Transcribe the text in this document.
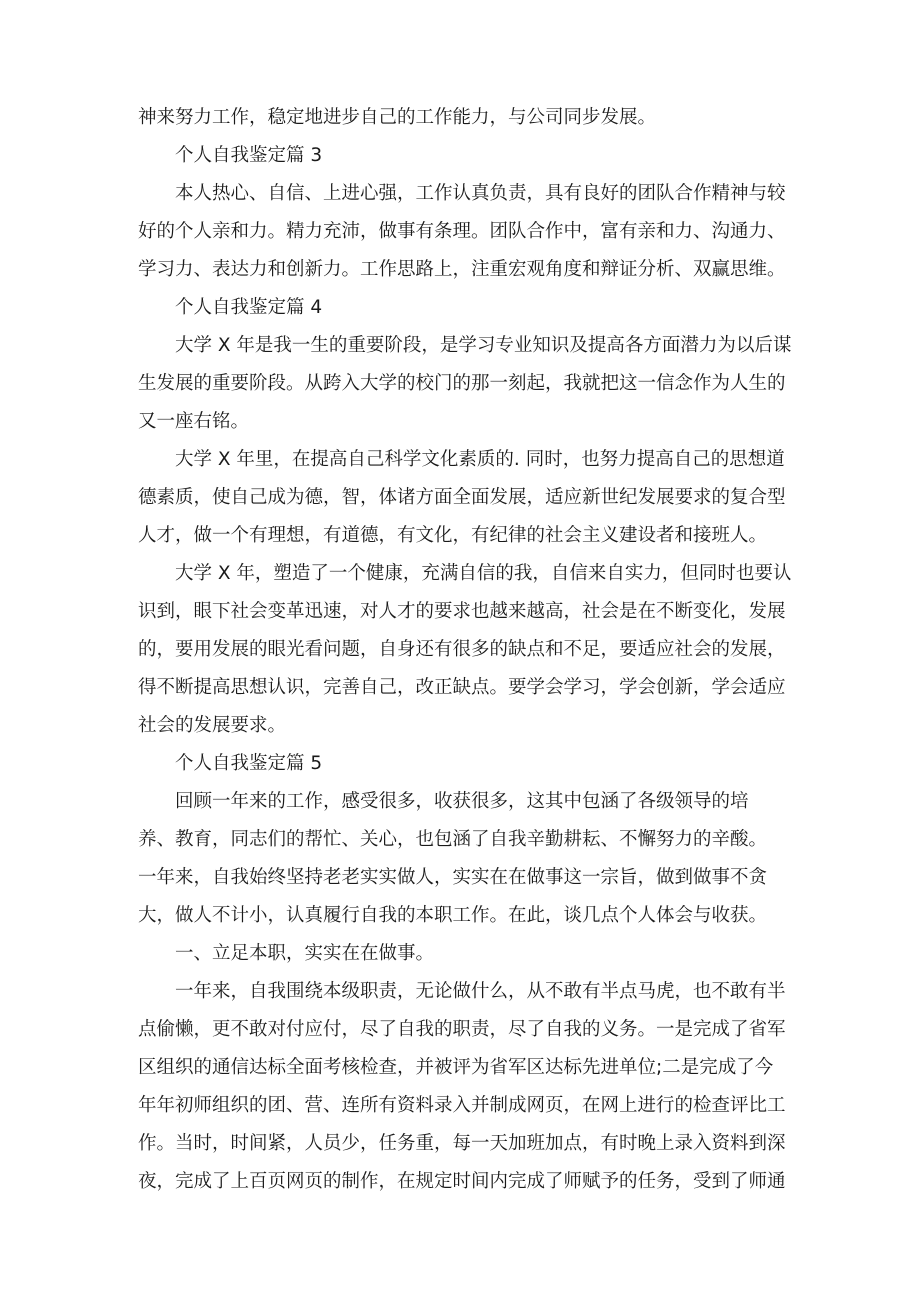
神来努力工作，稳定地进步自己的工作能力，与公司同步发展。
个人自我鉴定篇 3
本人热心、自信、上进心强，工作认真负责，具有良好的团队合作精神与较
好的个人亲和力。精力充沛，做事有条理。团队合作中，富有亲和力、沟通力、
学习力、表达力和创新力。工作思路上，注重宏观角度和辩证分析、双赢思维。
个人自我鉴定篇 4
大学 X 年是我一生的重要阶段，是学习专业知识及提高各方面潜力为以后谋
生发展的重要阶段。从跨入大学的校门的那一刻起，我就把这一信念作为人生的
又一座右铭。
大学 X 年里，在提高自己科学文化素质的. 同时，也努力提高自己的思想道
德素质，使自己成为德，智，体诸方面全面发展，适应新世纪发展要求的复合型
人才，做一个有理想，有道德，有文化，有纪律的社会主义建设者和接班人。
大学 X 年，塑造了一个健康，充满自信的我，自信来自实力，但同时也要认
识到，眼下社会变革迅速，对人才的要求也越来越高，社会是在不断变化，发展
的，要用发展的眼光看问题，自身还有很多的缺点和不足，要适应社会的发展，
得不断提高思想认识，完善自己，改正缺点。要学会学习，学会创新，学会适应
社会的发展要求。
个人自我鉴定篇 5
回顾一年来的工作，感受很多，收获很多，这其中包涵了各级领导的培
养、教育，同志们的帮忙、关心，也包涵了自我辛勤耕耘、不懈努力的辛酸。
一年来，自我始终坚持老老实实做人，实实在在做事这一宗旨，做到做事不贪
大，做人不计小，认真履行自我的本职工作。在此，谈几点个人体会与收获。
一、立足本职，实实在在做事。
一年来，自我围绕本级职责，无论做什么，从不敢有半点马虎，也不敢有半
点偷懒，更不敢对付应付，尽了自我的职责，尽了自我的义务。一是完成了省军
区组织的通信达标全面考核检查，并被评为省军区达标先进单位;二是完成了今
年年初师组织的团、营、连所有资料录入并制成网页，在网上进行的检查评比工
作。当时，时间紧，人员少，任务重，每一天加班加点，有时晚上录入资料到深
夜，完成了上百页网页的制作，在规定时间内完成了师赋予的任务，受到了师通
